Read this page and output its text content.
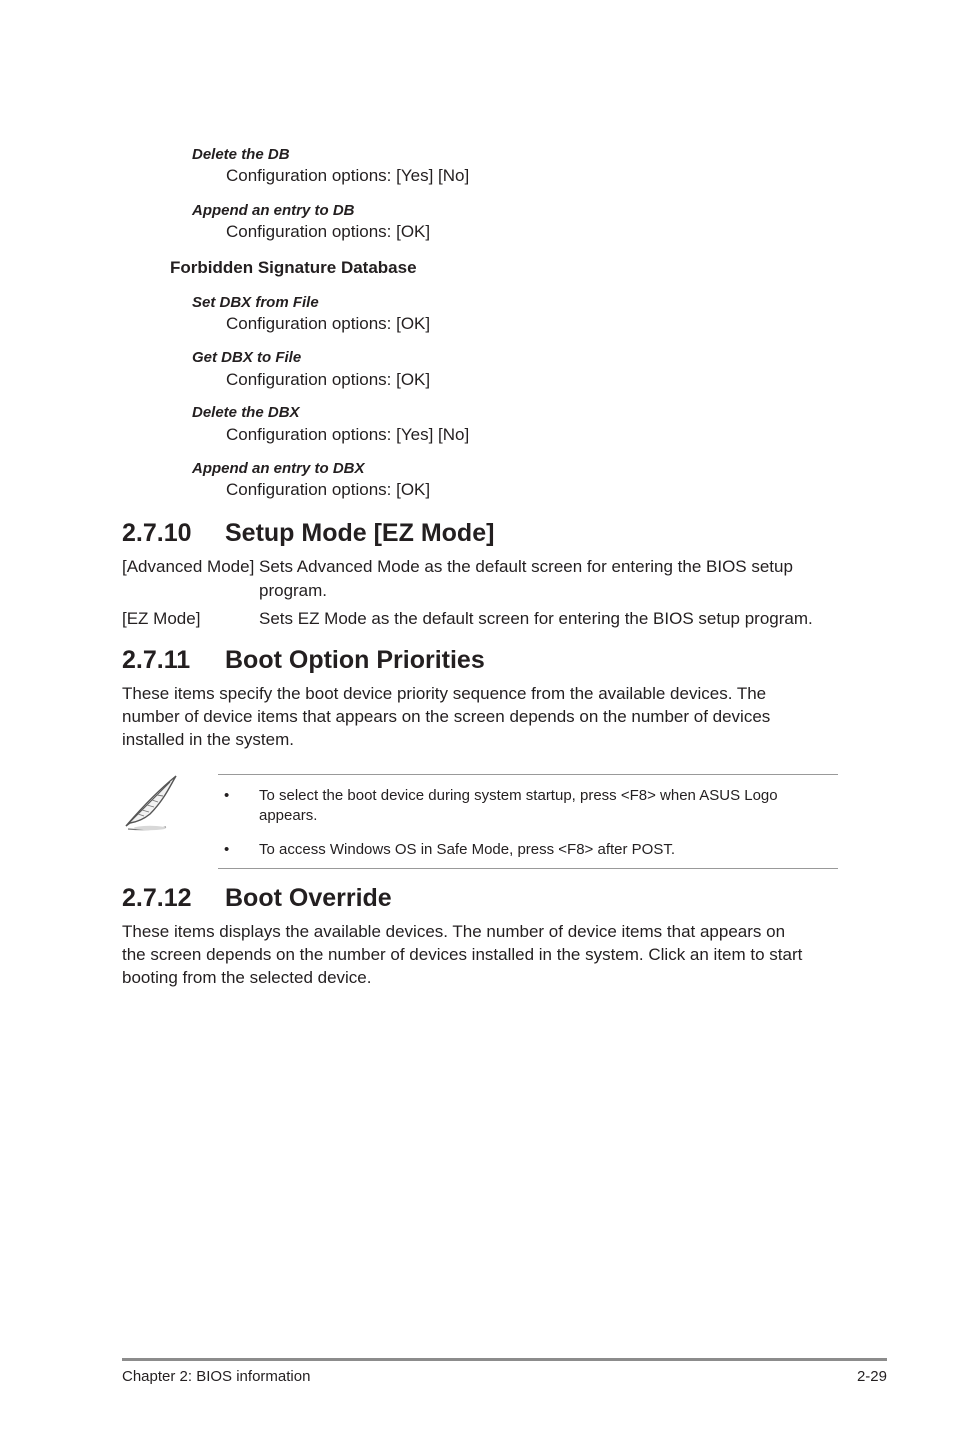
Delete the DB
Configuration options: [Yes] [No]
Append an entry to DB
Configuration options: [OK]
Forbidden Signature Database
Set DBX from File
Configuration options: [OK]
Get DBX to File
Configuration options: [OK]
Delete the DBX
Configuration options: [Yes] [No]
Append an entry to DBX
Configuration options: [OK]
2.7.10 Setup Mode [EZ Mode]
[Advanced Mode] Sets Advanced Mode as the default screen for entering the BIOS setup
program.
[EZ Mode]	Sets EZ Mode as the default screen for entering the BIOS setup program.
2.7.11 Boot Option Priorities
These items specify the boot device priority sequence from the available devices. The
number of device items that appears on the screen depends on the number of devices
installed in the system.
• To select the boot device during system startup, press <F8> when ASUS Logo
appears.
• To access Windows OS in Safe Mode, press <F8> after POST.
2.7.12 Boot Override
These items displays the available devices. The number of device items that appears on
the screen depends on the number of devices installed in the system. Click an item to start
booting from the selected device.
Chapter 2: BIOS information	2-29
